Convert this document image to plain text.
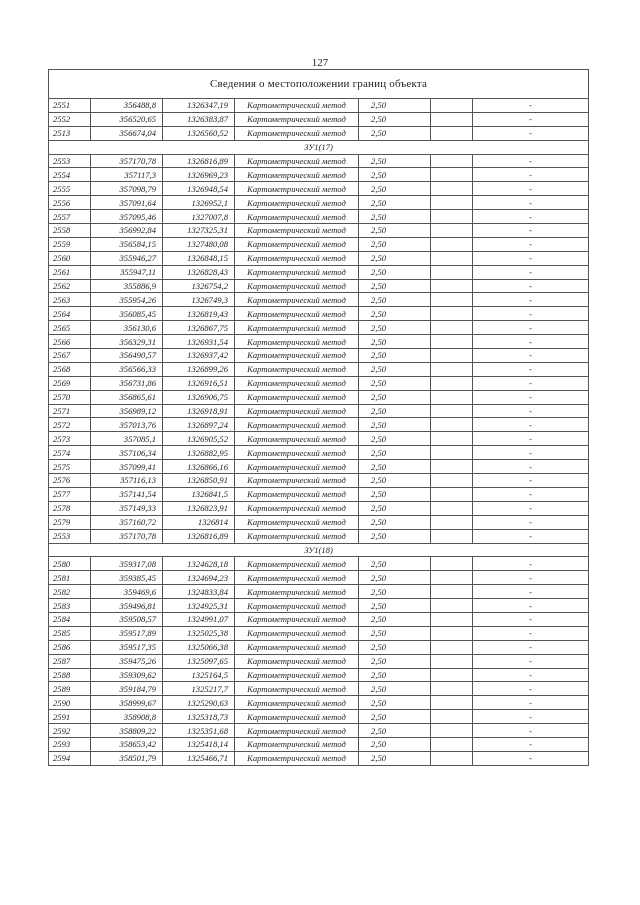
127
Сведения о местоположении границ объекта						
2551	356488,8	1326347,19	Картометрический метод	2,50		-
2552	356520,65	1326383,87	Картометрический метод	2,50		-
2513	356674,04	1326560,52	Картометрический метод	2,50		-
ЗУ1(17)						
2553	357170,78	1326816,89	Картометрический метод	2,50		-
2554	357117,3	1326969,23	Картометрический метод	2,50		-
2555	357098,79	1326948,54	Картометрический метод	2,50		-
2556	357091,64	1326952,1	Картометрический метод	2,50		-
2557	357095,46	1327007,8	Картометрический метод	2,50		-
2558	356992,84	1327325,31	Картометрический метод	2,50		-
2559	356584,15	1327480,08	Картометрический метод	2,50		-
2560	355946,27	1326848,15	Картометрический метод	2,50		-
2561	355947,11	1326828,43	Картометрический метод	2,50		-
2562	355886,9	1326754,2	Картометрический метод	2,50		-
2563	355954,26	1326749,3	Картометрический метод	2,50		-
2564	356085,45	1326819,43	Картометрический метод	2,50		-
2565	356130,6	1326867,75	Картометрический метод	2,50		-
2566	356329,31	1326931,54	Картометрический метод	2,50		-
2567	356490,57	1326937,42	Картометрический метод	2,50		-
2568	356566,33	1326899,26	Картометрический метод	2,50		-
2569	356731,86	1326916,51	Картометрический метод	2,50		-
2570	356865,61	1326906,75	Картометрический метод	2,50		-
2571	356989,12	1326918,91	Картометрический метод	2,50		-
2572	357013,76	1326897,24	Картометрический метод	2,50		-
2573	357085,1	1326905,52	Картометрический метод	2,50		-
2574	357106,34	1326882,95	Картометрический метод	2,50		-
2575	357099,41	1326866,16	Картометрический метод	2,50		-
2576	357116,13	1326850,91	Картометрический метод	2,50		-
2577	357141,54	1326841,5	Картометрический метод	2,50		-
2578	357149,33	1326823,91	Картометрический метод	2,50		-
2579	357160,72	1326814	Картометрический метод	2,50		-
2553	357170,78	1326816,89	Картометрический метод	2,50		-
ЗУ1(18)						
2580	359317,08	1324628,18	Картометрический метод	2,50		-
2581	359385,45	1324694,23	Картометрический метод	2,50		-
2582	359469,6	1324833,84	Картометрический метод	2,50		-
2583	359496,81	1324925,31	Картометрический метод	2,50		-
2584	359508,57	1324991,07	Картометрический метод	2,50		-
2585	359517,89	1325025,38	Картометрический метод	2,50		-
2586	359517,35	1325066,38	Картометрический метод	2,50		-
2587	359475,26	1325097,65	Картометрический метод	2,50		-
2588	359309,62	1325164,5	Картометрический метод	2,50		-
2589	359184,79	1325217,7	Картометрический метод	2,50		-
2590	358999,67	1325290,63	Картометрический метод	2,50		-
2591	358908,8	1325318,73	Картометрический метод	2,50		-
2592	358809,22	1325351,68	Картометрический метод	2,50		-
2593	358653,42	1325418,14	Картометрический метод	2,50		-
2594	358501,79	1325466,71	Картометрический метод	2,50		-
